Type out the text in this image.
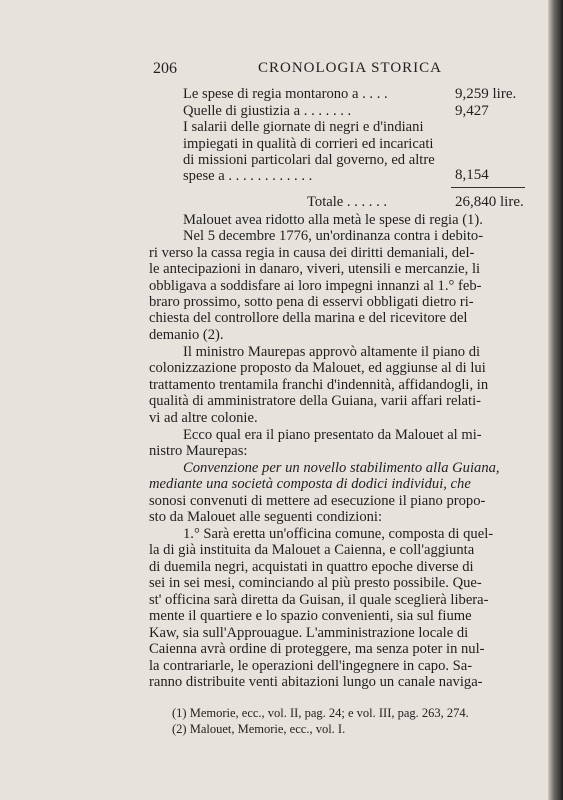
206	CRONOLOGIA STORICA
Le spese di regia montarono a . . . .	9,259 lire.
Quelle di giustizia a . . . . . . .	9,427
I salarii delle giornate di negri e d'indiani
impiegati in qualità di corrieri ed incaricati
di missioni particolari dal governo, ed altre
spese a . . . . . . . . . . . .	8,154
Totale . . . . . .	26,840 lire.
Malouet avea ridotto alla metà le spese di regia (1).
Nel 5 decembre 1776, un'ordinanza contra i debito-
ri verso la cassa regia in causa dei diritti demaniali, del-
le antecipazioni in danaro, viveri, utensili e mercanzie, li
obbligava a soddisfare ai loro impegni innanzi al 1.° feb-
braro prossimo, sotto pena di esservi obbligati dietro ri-
chiesta del controllore della marina e del ricevitore del
demanio (2).
Il ministro Maurepas approvò altamente il piano di
colonizzazione proposto da Malouet, ed aggiunse al di lui
trattamento trentamila franchi d'indennità, affidandogli, in
qualità di amministratore della Guiana, varii affari relati-
vi ad altre colonie.
Ecco qual era il piano presentato da Malouet al mi-
nistro Maurepas:
Convenzione per un novello stabilimento alla Guiana,
mediante una società composta di dodici individui, che
sonosi convenuti di mettere ad esecuzione il piano propo-
sto da Malouet alle seguenti condizioni:
1.° Sarà eretta un'officina comune, composta di quel-
la di già instituita da Malouet a Caienna, e coll'aggiunta
di duemila negri, acquistati in quattro epoche diverse di
sei in sei mesi, cominciando al più presto possibile. Que-
st' officina sarà diretta da Guisan, il quale sceglierà libera-
mente il quartiere e lo spazio convenienti, sia sul fiume
Kaw, sia sull'Approuague. L'amministrazione locale di
Caienna avrà ordine di proteggere, ma senza poter in nul-
la contrariarle, le operazioni dell'ingegnere in capo. Sa-
ranno distribuite venti abitazioni lungo un canale naviga-
(1) Memorie, ecc., vol. II, pag. 24; e vol. III, pag. 263, 274.
(2) Malouet, Memorie, ecc., vol. I.
